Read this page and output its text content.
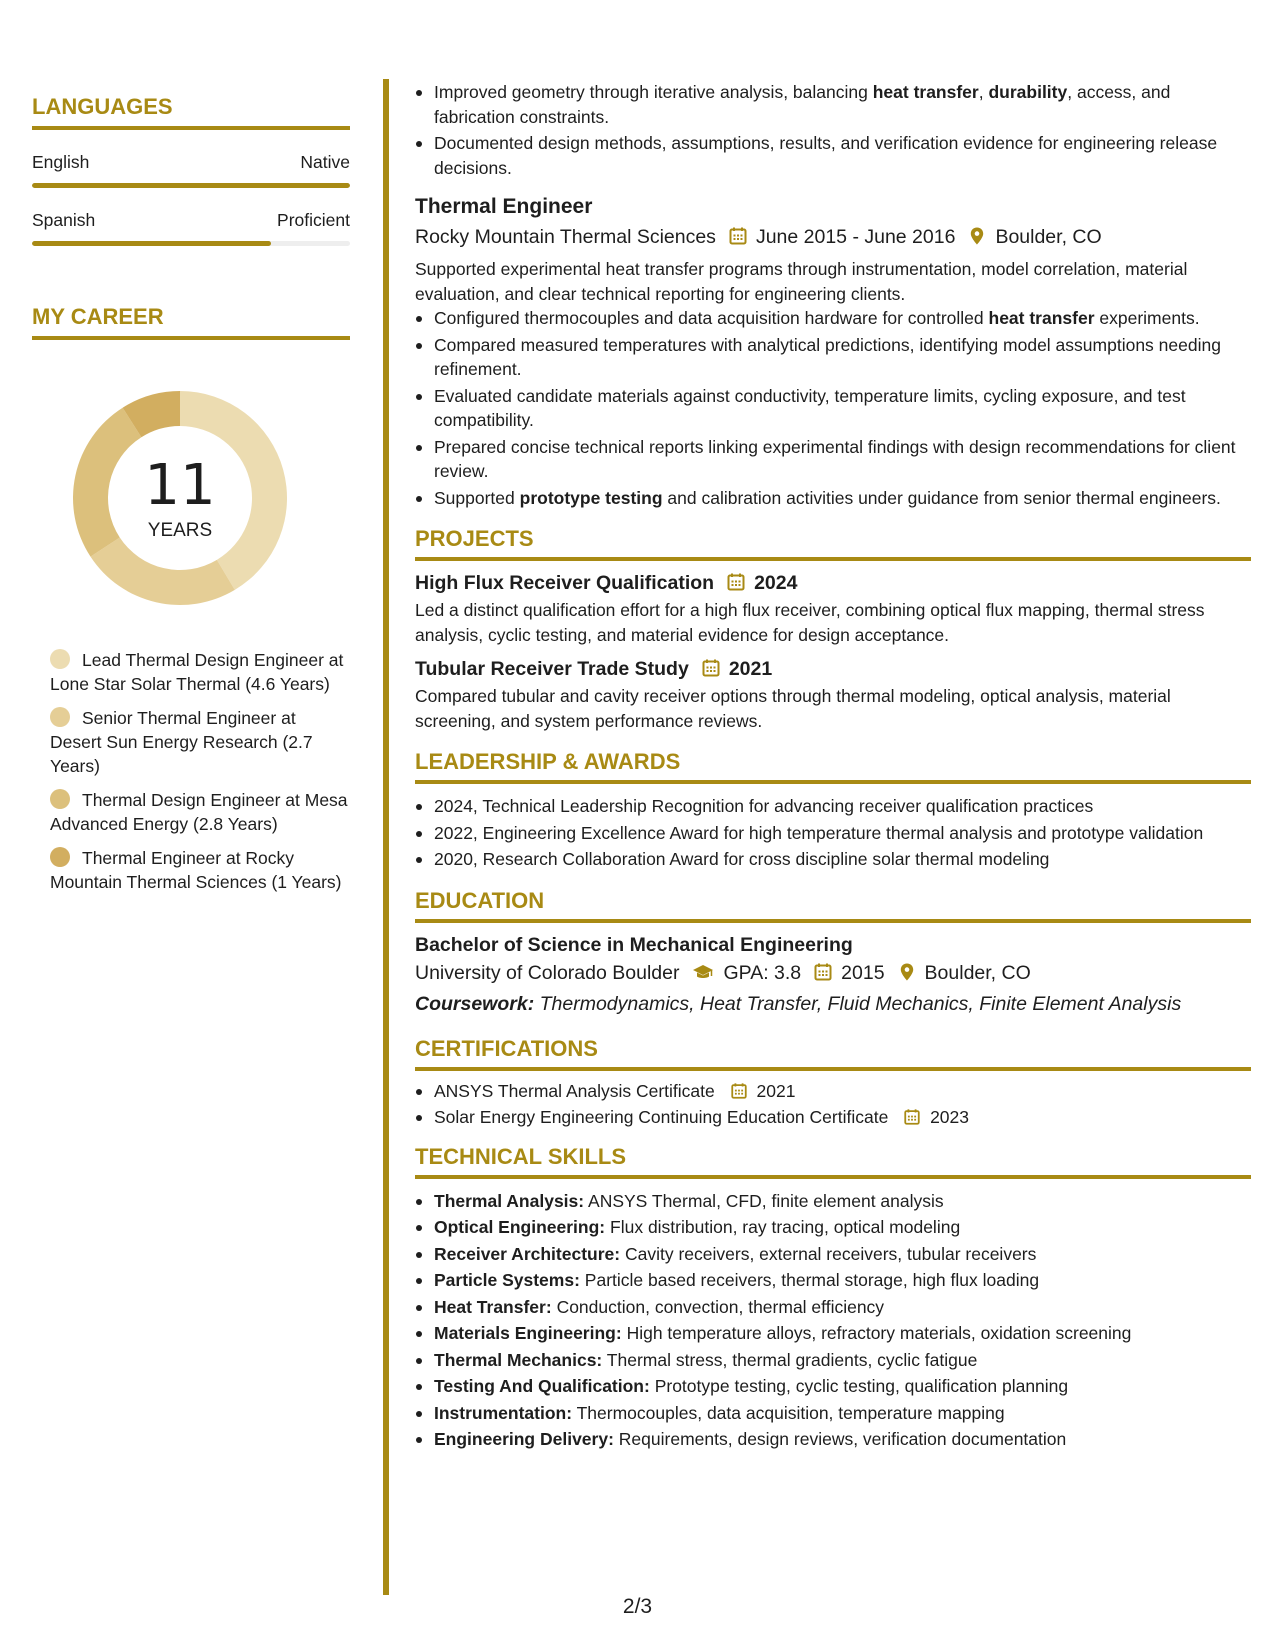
LANGUAGES
English	Native
Spanish	Proficient
MY CAREER
11
YEARS
Lead Thermal Design Engineer at Lone Star Solar Thermal (4.6 Years)
Senior Thermal Engineer at Desert Sun Energy Research (2.7 Years)
Thermal Design Engineer at Mesa Advanced Energy (2.8 Years)
Thermal Engineer at Rocky Mountain Thermal Sciences (1 Years)
Improved geometry through iterative analysis, balancing heat transfer, durability, access, and fabrication constraints.
Documented design methods, assumptions, results, and verification evidence for engineering release decisions.
Thermal Engineer
Rocky Mountain Thermal Sciences June 2015 - June 2016 Boulder, CO
Supported experimental heat transfer programs through instrumentation, model correlation, material evaluation, and clear technical reporting for engineering clients.
Configured thermocouples and data acquisition hardware for controlled heat transfer experiments.
Compared measured temperatures with analytical predictions, identifying model assumptions needing refinement.
Evaluated candidate materials against conductivity, temperature limits, cycling exposure, and test compatibility.
Prepared concise technical reports linking experimental findings with design recommendations for client review.
Supported prototype testing and calibration activities under guidance from senior thermal engineers.
PROJECTS
High Flux Receiver Qualification 2024
Led a distinct qualification effort for a high flux receiver, combining optical flux mapping, thermal stress analysis, cyclic testing, and material evidence for design acceptance.
Tubular Receiver Trade Study 2021
Compared tubular and cavity receiver options through thermal modeling, optical analysis, material screening, and system performance reviews.
LEADERSHIP & AWARDS
2024, Technical Leadership Recognition for advancing receiver qualification practices
2022, Engineering Excellence Award for high temperature thermal analysis and prototype validation
2020, Research Collaboration Award for cross discipline solar thermal modeling
EDUCATION
Bachelor of Science in Mechanical Engineering
University of Colorado Boulder GPA: 3.8 2015 Boulder, CO
Coursework: Thermodynamics, Heat Transfer, Fluid Mechanics, Finite Element Analysis
CERTIFICATIONS
ANSYS Thermal Analysis Certificate 2021
Solar Energy Engineering Continuing Education Certificate 2023
TECHNICAL SKILLS
Thermal Analysis: ANSYS Thermal, CFD, finite element analysis
Optical Engineering: Flux distribution, ray tracing, optical modeling
Receiver Architecture: Cavity receivers, external receivers, tubular receivers
Particle Systems: Particle based receivers, thermal storage, high flux loading
Heat Transfer: Conduction, convection, thermal efficiency
Materials Engineering: High temperature alloys, refractory materials, oxidation screening
Thermal Mechanics: Thermal stress, thermal gradients, cyclic fatigue
Testing And Qualification: Prototype testing, cyclic testing, qualification planning
Instrumentation: Thermocouples, data acquisition, temperature mapping
Engineering Delivery: Requirements, design reviews, verification documentation
2/3
